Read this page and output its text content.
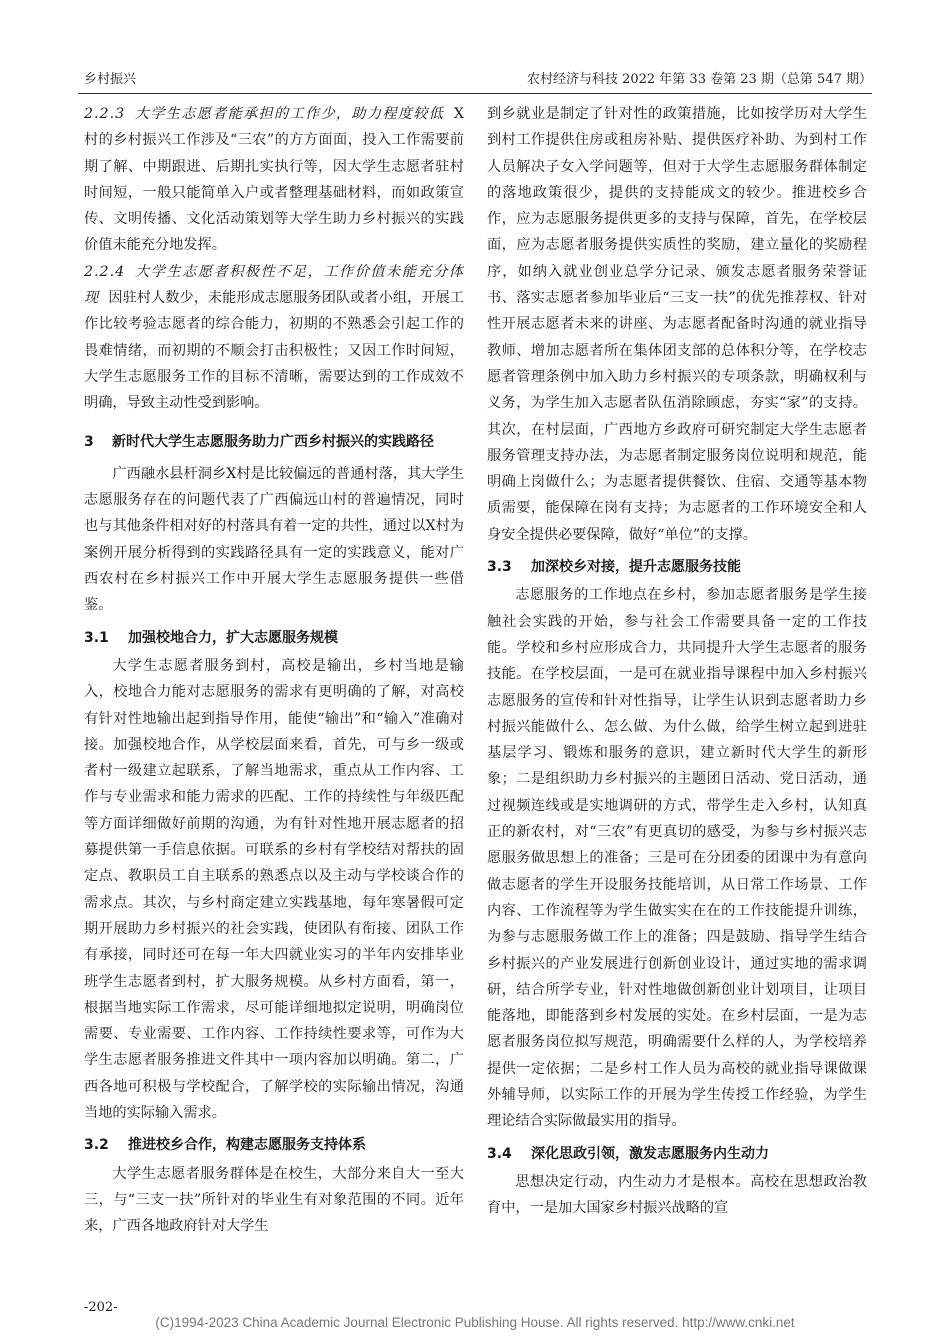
乡村振兴	农村经济与科技 2022 年第 33 卷第 23 期（总第 547 期）

2.2.3 大学生志愿者能承担的工作少，助力程度较低 X村的乡村振兴工作涉及“三农”的方方面面，投入工作需要前期了解、中期跟进、后期扎实执行等，因大学生志愿者驻村时间短，一般只能简单入户或者整理基础材料，而如政策宣传、文明传播、文化活动策划等大学生助力乡村振兴的实践价值未能充分地发挥。

2.2.4 大学生志愿者积极性不足，工作价值未能充分体现 因驻村人数少，未能形成志愿服务团队或者小组，开展工作比较考验志愿者的综合能力，初期的不熟悉会引起工作的畏难情绪，而初期的不顺会打击积极性；又因工作时间短，大学生志愿服务工作的目标不清晰，需要达到的工作成效不明确，导致主动性受到影响。

3	新时代大学生志愿服务助力广西乡村振兴的实践路径

广西融水县杆洞乡X村是比较偏远的普通村落，其大学生志愿服务存在的问题代表了广西偏远山村的普遍情况，同时也与其他条件相对好的村落具有着一定的共性，通过以X村为案例开展分析得到的实践路径具有一定的实践意义，能对广西农村在乡村振兴工作中开展大学生志愿服务提供一些借鉴。

3.1 加强校地合力，扩大志愿服务规模

大学生志愿者服务到村，高校是输出，乡村当地是输入，校地合力能对志愿服务的需求有更明确的了解，对高校有针对性地输出起到指导作用，能使“输出”和“输入”准确对接。加强校地合作，从学校层面来看，首先，可与乡一级或者村一级建立起联系，了解当地需求，重点从工作内容、工作与专业需求和能力需求的匹配、工作的持续性与年级匹配等方面详细做好前期的沟通，为有针对性地开展志愿者的招募提供第一手信息依据。可联系的乡村有学校结对帮扶的固定点、教职员工自主联系的熟悉点以及主动与学校谈合作的需求点。其次，与乡村商定建立实践基地，每年寒暑假可定期开展助力乡村振兴的社会实践，使团队有衔接、团队工作有承接，同时还可在每一年大四就业实习的半年内安排毕业班学生志愿者到村，扩大服务规模。从乡村方面看，第一，根据当地实际工作需求，尽可能详细地拟定说明，明确岗位需要、专业需要、工作内容、工作持续性要求等，可作为大学生志愿者服务推进文件其中一项内容加以明确。第二，广西各地可积极与学校配合，了解学校的实际输出情况，沟通当地的实际输入需求。

3.2 推进校乡合作，构建志愿服务支持体系

大学生志愿者服务群体是在校生，大部分来自大一至大三，与“三支一扶”所针对的毕业生有对象范围的不同。近年来，广西各地政府针对大学生

到乡就业是制定了针对性的政策措施，比如按学历对大学生到村工作提供住房或租房补贴、提供医疗补助、为到村工作人员解决子女入学问题等，但对于大学生志愿服务群体制定的落地政策很少，提供的支持能成文的较少。推进校乡合作，应为志愿服务提供更多的支持与保障，首先，在学校层面，应为志愿者服务提供实质性的奖励，建立量化的奖励程序，如纳入就业创业总学分记录、颁发志愿者服务荣誉证书、落实志愿者参加毕业后“三支一扶”的优先推荐权、针对性开展志愿者未来的讲座、为志愿者配备时沟通的就业指导教师、增加志愿者所在集体团支部的总体积分等，在学校志愿者管理条例中加入助力乡村振兴的专项条款，明确权利与义务，为学生加入志愿者队伍消除顾虑，夯实“家”的支持。其次，在村层面，广西地方乡政府可研究制定大学生志愿者服务管理支持办法，为志愿者制定服务岗位说明和规范，能明确上岗做什么；为志愿者提供餐饮、住宿、交通等基本物质需要，能保障在岗有支持；为志愿者的工作环境安全和人身安全提供必要保障，做好“单位”的支撑。

3.3 加深校乡对接，提升志愿服务技能

志愿服务的工作地点在乡村，参加志愿者服务是学生接触社会实践的开始，参与社会工作需要具备一定的工作技能。学校和乡村应形成合力，共同提升大学生志愿者的服务技能。在学校层面，一是可在就业指导课程中加入乡村振兴志愿服务的宣传和针对性指导，让学生认识到志愿者助力乡村振兴能做什么、怎么做、为什么做，给学生树立起到进驻基层学习、锻炼和服务的意识，建立新时代大学生的新形象；二是组织助力乡村振兴的主题团日活动、党日活动，通过视频连线或是实地调研的方式，带学生走入乡村，认知真正的新农村，对“三农”有更真切的感受，为参与乡村振兴志愿服务做思想上的准备；三是可在分团委的团课中为有意向做志愿者的学生开设服务技能培训，从日常工作场景、工作内容、工作流程等为学生做实实在在的工作技能提升训练，为参与志愿服务做工作上的准备；四是鼓励、指导学生结合乡村振兴的产业发展进行创新创业设计，通过实地的需求调研，结合所学专业，针对性地做创新创业计划项目，让项目能落地，即能落到乡村发展的实处。在乡村层面，一是为志愿者服务岗位拟写规范，明确需要什么样的人，为学校培养提供一定依据；二是乡村工作人员为高校的就业指导课做课外辅导师，以实际工作的开展为学生传授工作经验，为学生理论结合实际做最实用的指导。

3.4 深化思政引领，激发志愿服务内生动力

思想决定行动，内生动力才是根本。高校在思想政治教育中，一是加大国家乡村振兴战略的宣

-202-
(C)1994-2023 China Academic Journal Electronic Publishing House. All rights reserved. http://www.cnki.net
